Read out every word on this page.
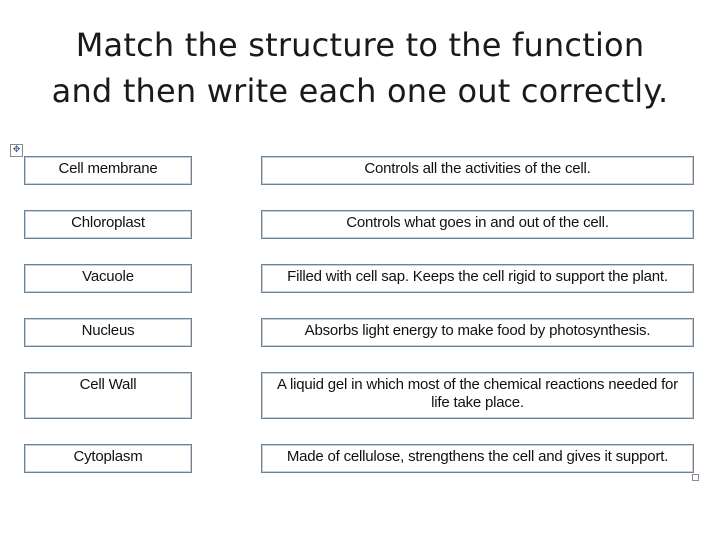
Match the structure to the function
and then write each one out correctly.
✥
Cell membrane	Controls all the activities of the cell.
Chloroplast	Controls what goes in and out of the cell.
Vacuole	Filled with cell sap. Keeps the cell rigid to support the plant.
Nucleus	Absorbs light energy to make food by photosynthesis.
Cell Wall	A liquid gel in which most of the chemical reactions needed for life take place.
Cytoplasm	Made of cellulose, strengthens the cell and gives it support.
